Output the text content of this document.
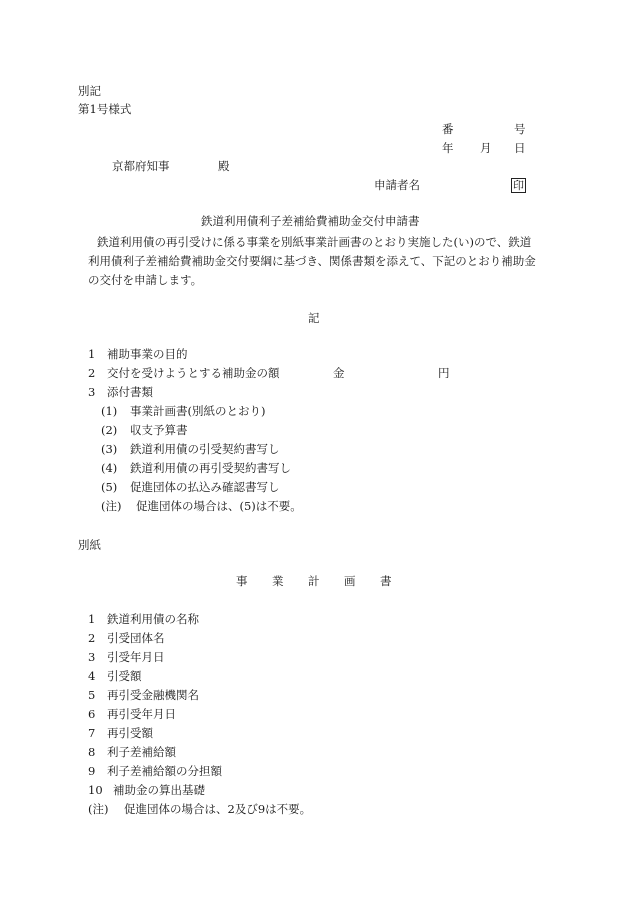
別記
第1号様式
番	号
年 月 日
京都府知事	殿
申請者名	印
鉄道利用債利子差補給費補助金交付申請書
鉄道利用債の再引受けに係る事業を別紙事業計画書のとおり実施した(い)ので、鉄道
利用債利子差補給費補助金交付要綱に基づき、関係書類を添えて、下記のとおり補助金
の交付を申請します。
記
1 補助事業の目的
2 交付を受けようとする補助金の額	金	円
3 添付書類
(1) 事業計画書(別紙のとおり)
(2) 収支予算書
(3) 鉄道利用債の引受契約書写し
(4) 鉄道利用債の再引受契約書写し
(5) 促進団体の払込み確認書写し
(注) 促進団体の場合は、(5)は不要。
別紙
事 業 計 画 書
1 鉄道利用債の名称
2 引受団体名
3 引受年月日
4 引受額
5 再引受金融機関名
6 再引受年月日
7 再引受額
8 利子差補給額
9 利子差補給額の分担額
10 補助金の算出基礎
(注) 促進団体の場合は、2及び9は不要。
